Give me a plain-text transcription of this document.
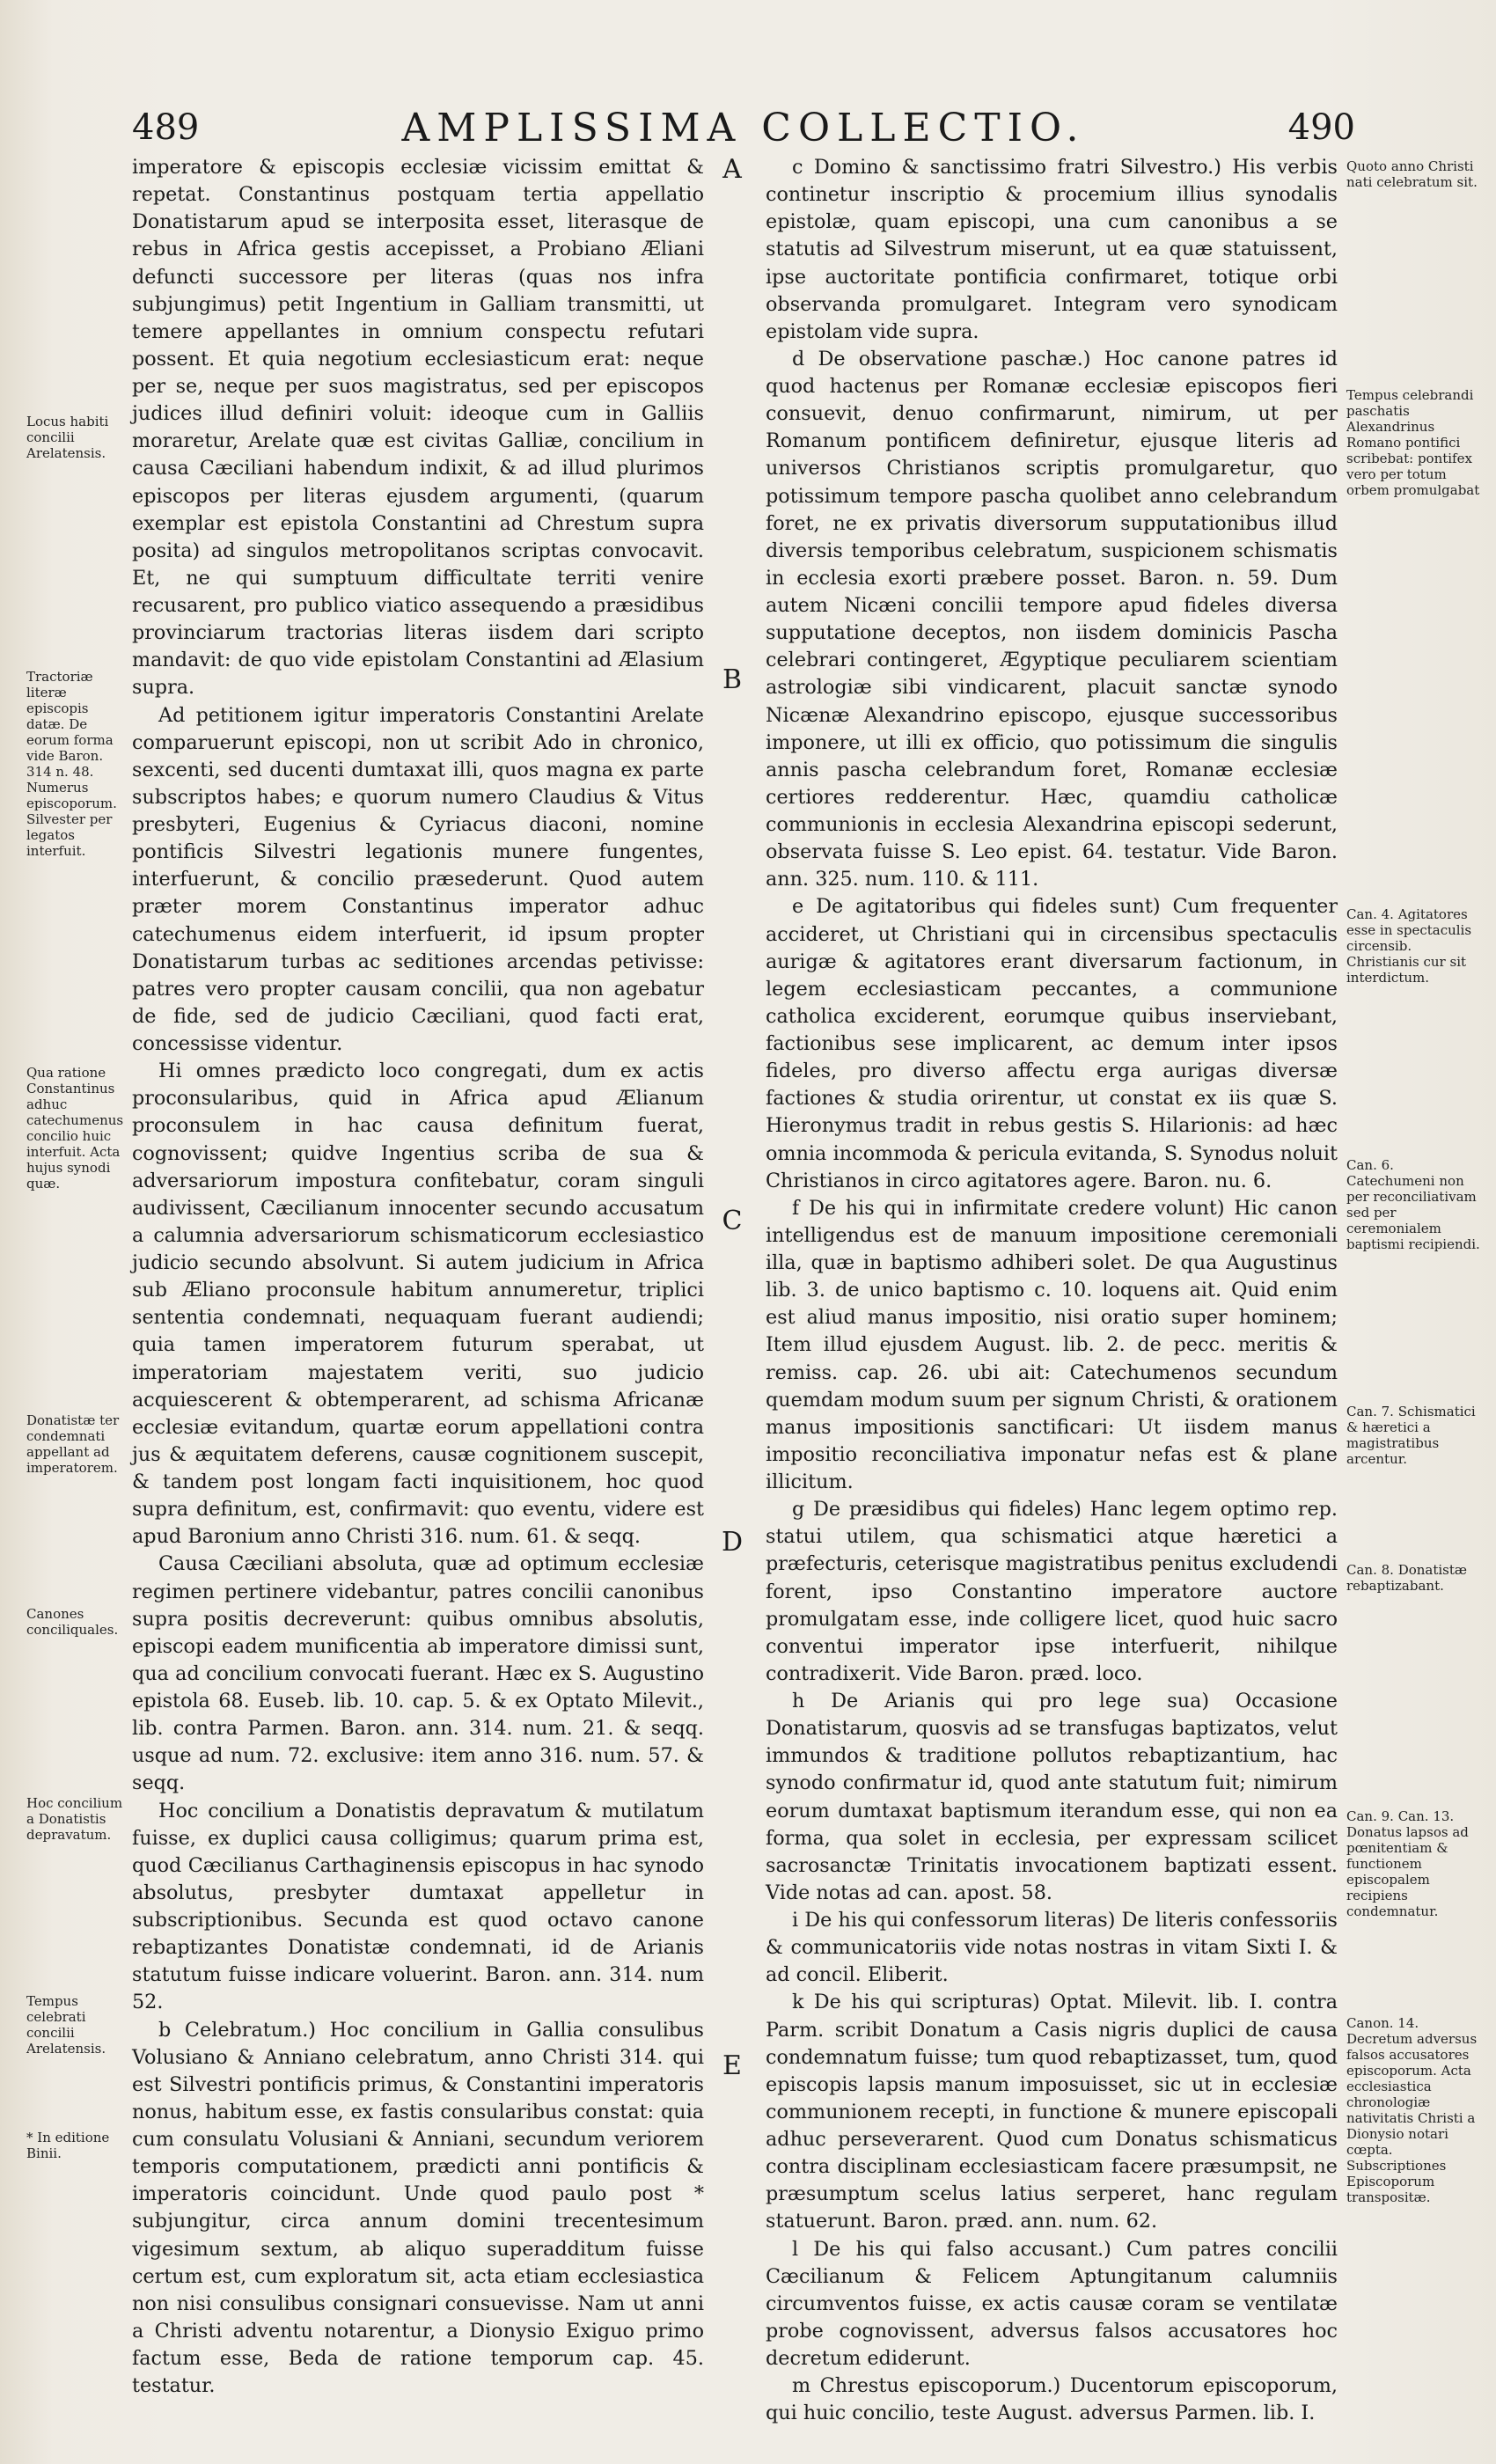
489	AMPLISSIMA COLLECTIO.	490
Locus habiti concilii Arelatensis.
Tractoriæ literæ episcopis datæ. De eorum forma vide Baron. 314 n. 48. Numerus episcoporum. Silvester per legatos interfuit.
Qua ratione Constantinus adhuc catechumenus concilio huic interfuit. Acta hujus synodi quæ.
Donatistæ ter condemnati appellant ad imperatorem.
Canones conciliquales.
Hoc concilium a Donatistis depravatum.
Tempus celebrati concilii Arelatensis.
* In editione Binii.

imperatore & episcopis ecclesiæ vicissim emittat & repetat. Constantinus postquam tertia appellatio Donatistarum apud se interposita esset, literasque de rebus in Africa gestis accepisset, a Probiano Æliani defuncti successore per literas (quas nos infra subjungimus) petit Ingentium in Galliam transmitti, ut temere appellantes in omnium conspectu refutari possent. Et quia negotium ecclesiasticum erat: neque per se, neque per suos magistratus, sed per episcopos judices illud definiri voluit: ideoque cum in Galliis moraretur, Arelate quæ est civitas Galliæ, concilium in causa Cæciliani habendum indixit, & ad illud plurimos episcopos per literas ejusdem argumenti, (quarum exemplar est epistola Constantini ad Chrestum supra posita) ad singulos metropolitanos scriptas convocavit. Et, ne qui sumptuum difficultate territi venire recusarent, pro publico viatico assequendo a præsidibus provinciarum tractorias literas iisdem dari scripto mandavit: de quo vide epistolam Constantini ad Ælasium supra.

Ad petitionem igitur imperatoris Constantini Arelate comparuerunt episcopi, non ut scribit Ado in chronico, sexcenti, sed ducenti dumtaxat illi, quos magna ex parte subscriptos habes; e quorum numero Claudius & Vitus presbyteri, Eugenius & Cyriacus diaconi, nomine pontificis Silvestri legationis munere fungentes, interfuerunt, & concilio præsederunt. Quod autem præter morem Constantinus imperator adhuc catechumenus eidem interfuerit, id ipsum propter Donatistarum turbas ac seditiones arcendas petivisse: patres vero propter causam concilii, qua non agebatur de fide, sed de judicio Cæciliani, quod facti erat, concessisse videntur.

Hi omnes prædicto loco congregati, dum ex actis proconsularibus, quid in Africa apud Ælianum proconsulem in hac causa definitum fuerat, cognovissent; quidve Ingentius scriba de sua & adversariorum impostura confitebatur, coram singuli audivissent, Cæcilianum innocenter secundo accusatum a calumnia adversariorum schismaticorum ecclesiastico judicio secundo absolvunt. Si autem judicium in Africa sub Æliano proconsule habitum annumeretur, triplici sententia condemnati, nequaquam fuerant audiendi; quia tamen imperatorem futurum sperabat, ut imperatoriam majestatem veriti, suo judicio acquiescerent & obtemperarent, ad schisma Africanæ ecclesiæ evitandum, quartæ eorum appellationi contra jus & æquitatem deferens, causæ cognitionem suscepit, & tandem post longam facti inquisitionem, hoc quod supra definitum, est, confirmavit: quo eventu, videre est apud Baronium anno Christi 316. num. 61. & seqq.

Causa Cæciliani absoluta, quæ ad optimum ecclesiæ regimen pertinere videbantur, patres concilii canonibus supra positis decreverunt: quibus omnibus absolutis, episcopi eadem munificentia ab imperatore dimissi sunt, qua ad concilium convocati fuerant. Hæc ex S. Augustino epistola 68. Euseb. lib. 10. cap. 5. & ex Optato Milevit., lib. contra Parmen. Baron. ann. 314. num. 21. & seqq. usque ad num. 72. exclusive: item anno 316. num. 57. & seqq.

Hoc concilium a Donatistis depravatum & mutilatum fuisse, ex duplici causa colligimus; quarum prima est, quod Cæcilianus Carthaginensis episcopus in hac synodo absolutus, presbyter dumtaxat appelletur in subscriptionibus. Secunda est quod octavo canone rebaptizantes Donatistæ condemnati, id de Arianis statutum fuisse indicare voluerint. Baron. ann. 314. num 52.

b Celebratum.) Hoc concilium in Gallia consulibus Volusiano & Anniano celebratum, anno Christi 314. qui est Silvestri pontificis primus, & Constantini imperatoris nonus, habitum esse, ex fastis consularibus constat: quia cum consulatu Volusiani & Anniani, secundum veriorem temporis computationem, prædicti anni pontificis & imperatoris coincidunt. Unde quod paulo post * subjungitur, circa annum domini trecentesimum vigesimum sextum, ab aliquo superadditum fuisse certum est, cum exploratum sit, acta etiam ecclesiastica non nisi consulibus consignari consuevisse. Nam ut anni a Christi adventu notarentur, a Dionysio Exiguo primo factum esse, Beda de ratione temporum cap. 45. testatur.

A
B
C
D
E

c Domino & sanctissimo fratri Silvestro.) His verbis continetur inscriptio & procemium illius synodalis epistolæ, quam episcopi, una cum canonibus a se statutis ad Silvestrum miserunt, ut ea quæ statuissent, ipse auctoritate pontificia confirmaret, totique orbi observanda promulgaret. Integram vero synodicam epistolam vide supra.

d De observatione paschæ.) Hoc canone patres id quod hactenus per Romanæ ecclesiæ episcopos fieri consuevit, denuo confirmarunt, nimirum, ut per Romanum pontificem definiretur, ejusque literis ad universos Christianos scriptis promulgaretur, quo potissimum tempore pascha quolibet anno celebrandum foret, ne ex privatis diversorum supputationibus illud diversis temporibus celebratum, suspicionem schismatis in ecclesia exorti præbere posset. Baron. n. 59. Dum autem Nicæni concilii tempore apud fideles diversa supputatione deceptos, non iisdem dominicis Pascha celebrari contingeret, Ægyptique peculiarem scientiam astrologiæ sibi vindicarent, placuit sanctæ synodo Nicænæ Alexandrino episcopo, ejusque successoribus imponere, ut illi ex officio, quo potissimum die singulis annis pascha celebrandum foret, Romanæ ecclesiæ certiores redderentur. Hæc, quamdiu catholicæ communionis in ecclesia Alexandrina episcopi sederunt, observata fuisse S. Leo epist. 64. testatur. Vide Baron. ann. 325. num. 110. & 111.

e De agitatoribus qui fideles sunt) Cum frequenter accideret, ut Christiani qui in circensibus spectaculis aurigæ & agitatores erant diversarum factionum, in legem ecclesiasticam peccantes, a communione catholica exciderent, eorumque quibus inserviebant, factionibus sese implicarent, ac demum inter ipsos fideles, pro diverso affectu erga aurigas diversæ factiones & studia orirentur, ut constat ex iis quæ S. Hieronymus tradit in rebus gestis S. Hilarionis: ad hæc omnia incommoda & pericula evitanda, S. Synodus noluit Christianos in circo agitatores agere. Baron. nu. 6.

f De his qui in infirmitate credere volunt) Hic canon intelligendus est de manuum impositione ceremoniali illa, quæ in baptismo adhiberi solet. De qua Augustinus lib. 3. de unico baptismo c. 10. loquens ait. Quid enim est aliud manus impositio, nisi oratio super hominem; Item illud ejusdem August. lib. 2. de pecc. meritis & remiss. cap. 26. ubi ait: Catechumenos secundum quemdam modum suum per signum Christi, & orationem manus impositionis sanctificari: Ut iisdem manus impositio reconciliativa imponatur nefas est & plane illicitum.

g De præsidibus qui fideles) Hanc legem optimo rep. statui utilem, qua schismatici atque hæretici a præfecturis, ceterisque magistratibus penitus excludendi forent, ipso Constantino imperatore auctore promulgatam esse, inde colligere licet, quod huic sacro conventui imperator ipse interfuerit, nihilque contradixerit. Vide Baron. præd. loco.

h De Arianis qui pro lege sua) Occasione Donatistarum, quosvis ad se transfugas baptizatos, velut immundos & traditione pollutos rebaptizantium, hac synodo confirmatur id, quod ante statutum fuit; nimirum eorum dumtaxat baptismum iterandum esse, qui non ea forma, qua solet in ecclesia, per expressam scilicet sacrosanctæ Trinitatis invocationem baptizati essent. Vide notas ad can. apost. 58.

i De his qui confessorum literas) De literis confessoriis & communicatoriis vide notas nostras in vitam Sixti I. & ad concil. Eliberit.

k De his qui scripturas) Optat. Milevit. lib. I. contra Parm. scribit Donatum a Casis nigris duplici de causa condemnatum fuisse; tum quod rebaptizasset, tum, quod episcopis lapsis manum imposuisset, sic ut in ecclesiæ communionem recepti, in functione & munere episcopali adhuc perseverarent. Quod cum Donatus schismaticus contra disciplinam ecclesiasticam facere præsumpsit, ne præsumptum scelus latius serperet, hanc regulam statuerunt. Baron. præd. ann. num. 62.

l De his qui falso accusant.) Cum patres concilii Cæcilianum & Felicem Aptungitanum calumniis circumventos fuisse, ex actis causæ coram se ventilatæ probe cognovissent, adversus falsos accusatores hoc decretum ediderunt.

m Chrestus episcoporum.) Ducentorum episcoporum, qui huic concilio, teste August. adversus Parmen. lib. I.

Quoto anno Christi nati celebratum sit.
Tempus celebrandi paschatis Alexandrinus Romano pontifici scribebat: pontifex vero per totum orbem promulgabat
Can. 4. Agitatores esse in spectaculis circensib. Christianis cur sit interdictum.
Can. 6. Catechumeni non per reconciliativam sed per ceremonialem baptismi recipiendi.
Can. 7. Schismatici & hæretici a magistratibus arcentur.
Can. 8. Donatistæ rebaptizabant.
Can. 9. Can. 13. Donatus lapsos ad pœnitentiam & functionem episcopalem recipiens condemnatur.
Canon. 14. Decretum adversus falsos accusatores episcoporum. Acta ecclesiastica chronologiæ nativitatis Christi a Dionysio notari cœpta. Subscriptiones Episcoporum transpositæ.
